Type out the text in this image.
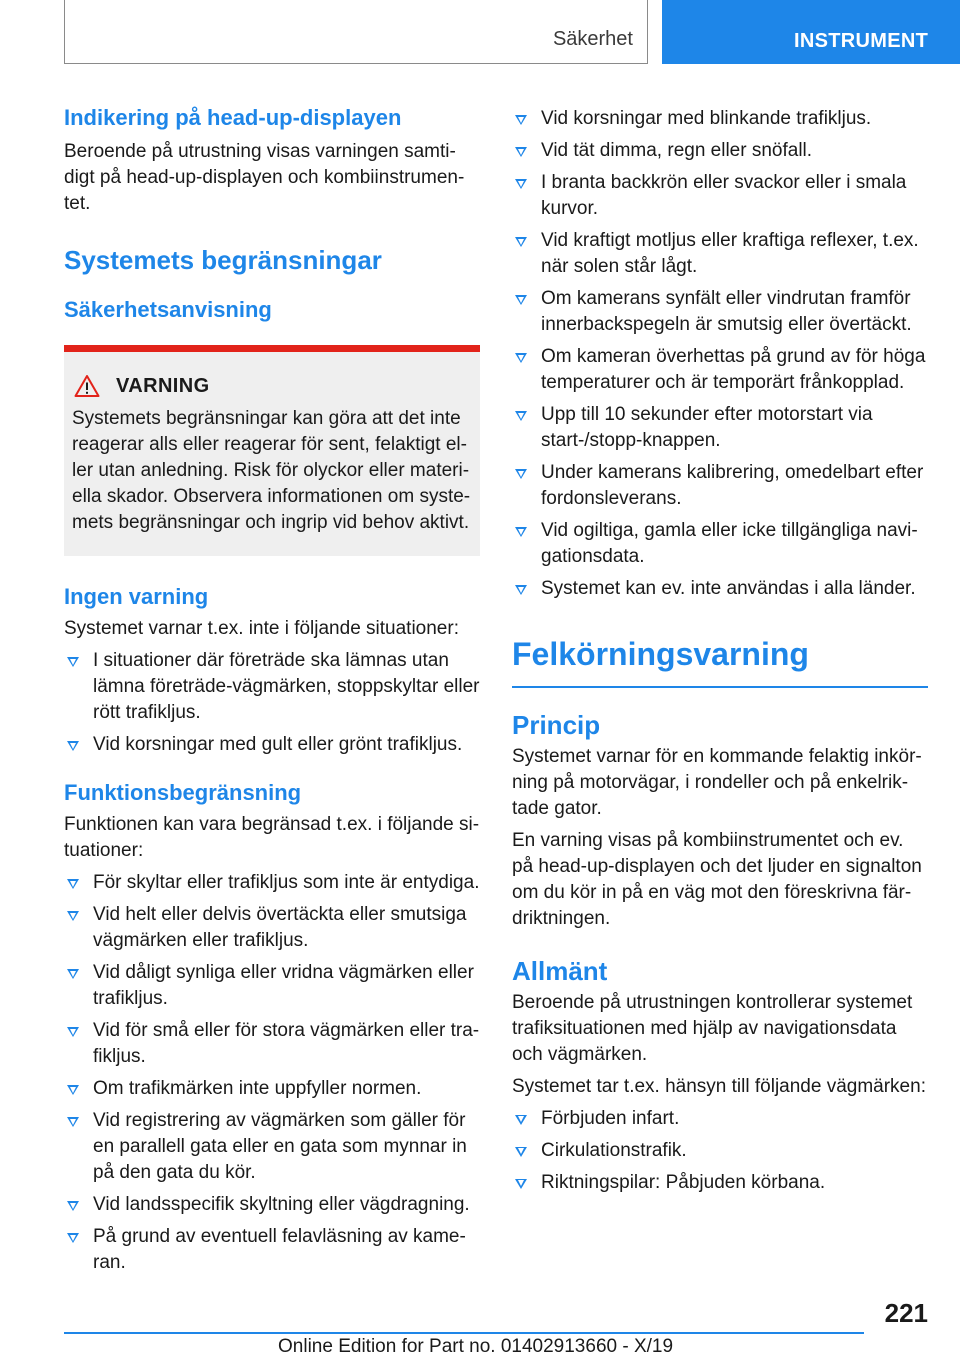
Säkerhet	INSTRUMENT
Indikering på head-up-displayen

Beroende på utrustning visas varningen samtidigt på head-up-displayen och kombiinstrumentet.

Systemets begränsningar
Säkerhetsanvisning
VARNING

Systemets begränsningar kan göra att det inte reagerar alls eller reagerar för sent, felaktigt eller utan anledning. Risk för olyckor eller materiella skador. Observera informationen om systemets begränsningar och ingrip vid behov aktivt.

Ingen varning

Systemet varnar t.ex. inte i följande situationer:

I situationer där företräde ska lämnas utan lämna företräde-vägmärken, stoppskyltar eller rött trafikljus.
Vid korsningar med gult eller grönt trafikljus.
Funktionsbegränsning

Funktionen kan vara begränsad t.ex. i följande situationer:

För skyltar eller trafikljus som inte är entydiga.
Vid helt eller delvis övertäckta eller smutsiga vägmärken eller trafikljus.
Vid dåligt synliga eller vridna vägmärken eller trafikljus.
Vid för små eller för stora vägmärken eller trafikljus.
Om trafikmärken inte uppfyller normen.
Vid registrering av vägmärken som gäller för en parallell gata eller en gata som mynnar in på den gata du kör.
Vid landsspecifik skyltning eller vägdragning.
På grund av eventuell felavläsning av kameran.
Vid korsningar med blinkande trafikljus.
Vid tät dimma, regn eller snöfall.
I branta backkrön eller svackor eller i smala kurvor.
Vid kraftigt motljus eller kraftiga reflexer, t.ex. när solen står lågt.
Om kamerans synfält eller vindrutan framför innerbackspegeln är smutsig eller övertäckt.
Om kameran överhettas på grund av för höga temperaturer och är temporärt frånkopplad.
Upp till 10 sekunder efter motorstart via start-/stopp-knappen.
Under kamerans kalibrering, omedelbart efter fordonsleverans.
Vid ogiltiga, gamla eller icke tillgängliga navigationsdata.
Systemet kan ev. inte användas i alla länder.
Felkörningsvarning
Princip

Systemet varnar för en kommande felaktig inkörning på motorvägar, i rondeller och på enkelriktade gator.

En varning visas på kombiinstrumentet och ev. på head-up-displayen och det ljuder en signalton om du kör in på en väg mot den föreskrivna färdriktningen.

Allmänt

Beroende på utrustningen kontrollerar systemet trafiksituationen med hjälp av navigationsdata och vägmärken.

Systemet tar t.ex. hänsyn till följande vägmärken:

Förbjuden infart.
Cirkulationstrafik.
Riktningspilar: Påbjuden körbana.
221
Online Edition for Part no. 01402913660 - X/19
